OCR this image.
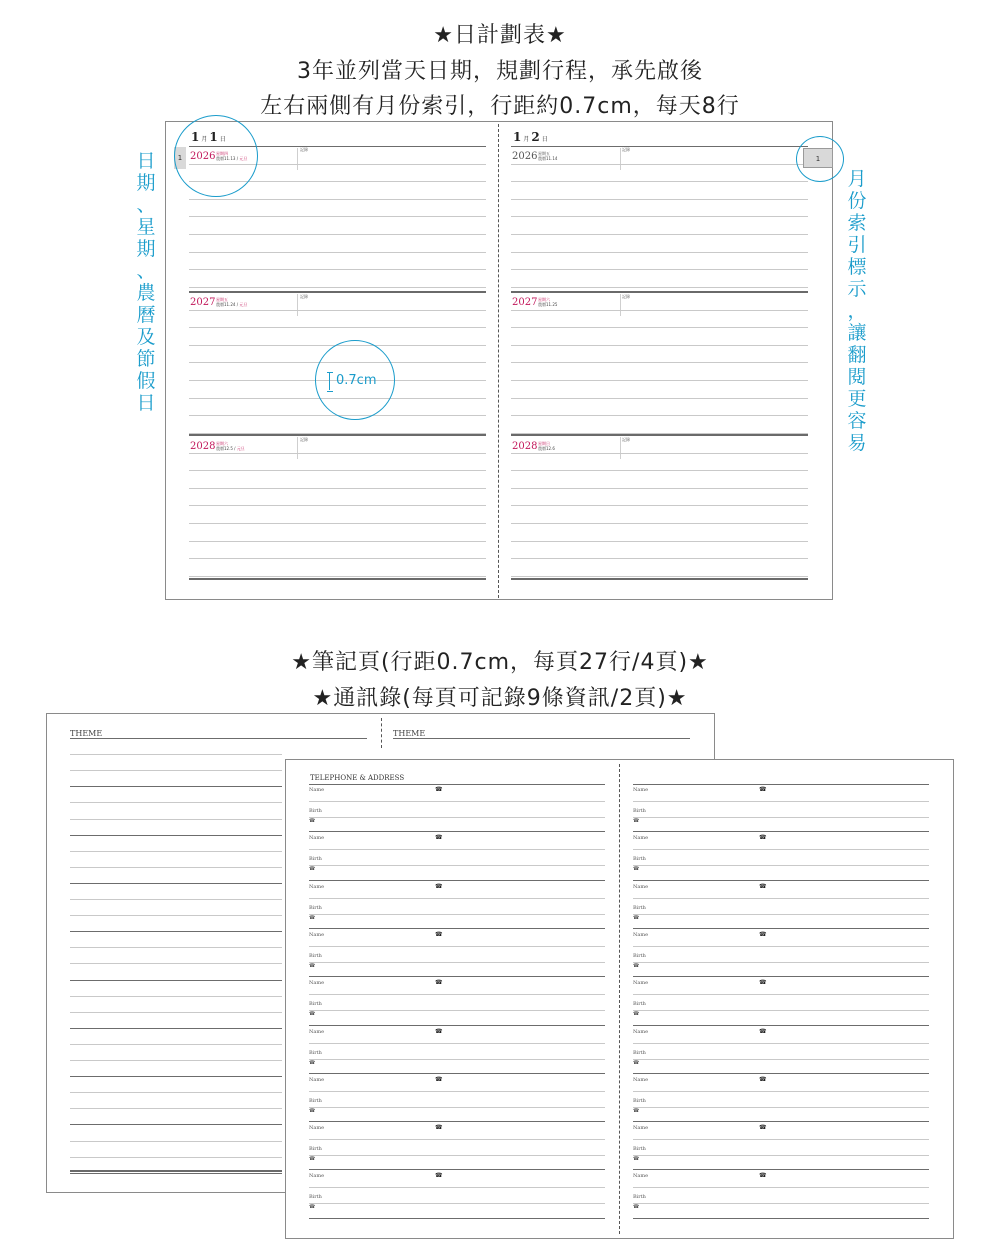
★日計劃表★
3年並列當天日期，規劃行程，承先啟後
左右兩側有月份索引，行距約0.7cm，每天8行
日
期
、
星
期
、
農
曆
及
節
假
日
月
份
索
引
標
示
，
讓
翻
閱
更
容
易
1	1
1 月 1 日	1 月 2 日
2026 星期四
農曆11.13 / 元旦
記錄
2027 星期五
農曆11.24 / 元旦
記錄
2028 星期六
農曆12.5 / 元旦
記錄
2026 星期五
農曆11.14
記錄
2027 星期六
農曆11.25
記錄
2028 星期日
農曆12.6
記錄
0.7cm
★筆記頁(行距0.7cm，每頁27行/4頁)★
★通訊錄(每頁可記錄9條資訊/2頁)★
THEME	THEME
TELEPHONE & ADDRESS
Name	☎
Birth
☎
Name	☎
Birth
☎
Name	☎
Birth
☎
Name	☎
Birth
☎
Name	☎
Birth
☎
Name	☎
Birth
☎
Name	☎
Birth
☎
Name	☎
Birth
☎
Name	☎
Birth
☎
Name	☎
Birth
☎
Name	☎
Birth
☎
Name	☎
Birth
☎
Name	☎
Birth
☎
Name	☎
Birth
☎
Name	☎
Birth
☎
Name	☎
Birth
☎
Name	☎
Birth
☎
Name	☎
Birth
☎
